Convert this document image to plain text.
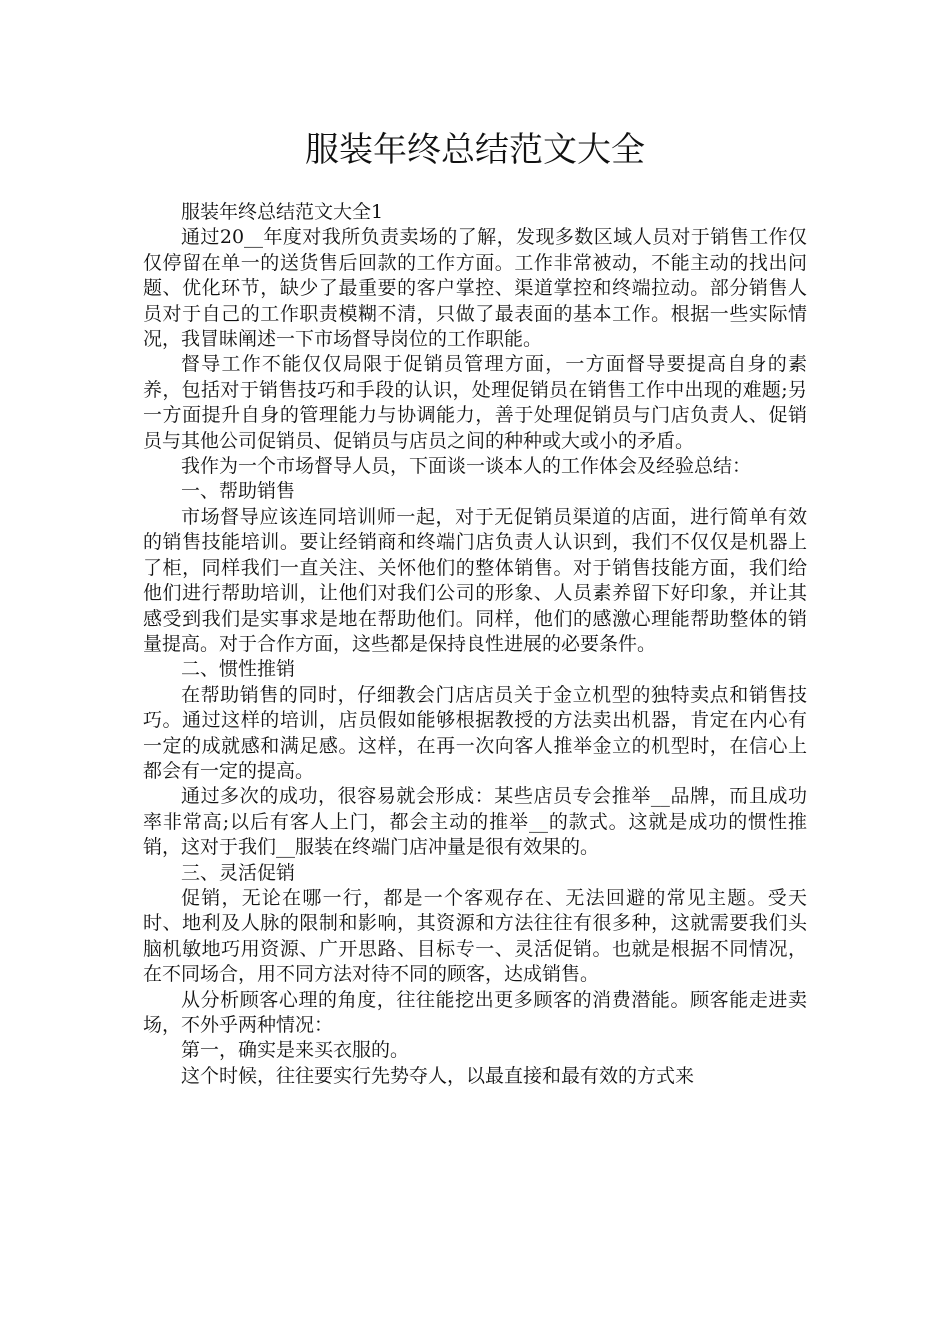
服装年终总结范文大全

服装年终总结范文大全1

通过20__年度对我所负责卖场的了解，发现多数区域人员对于销售工作仅仅停留在单一的送货售后回款的工作方面。工作非常被动，不能主动的找出问题、优化环节，缺少了最重要的客户掌控、渠道掌控和终端拉动。部分销售人员对于自己的工作职责模糊不清，只做了最表面的基本工作。根据一些实际情况，我冒昧阐述一下市场督导岗位的工作职能。

督导工作不能仅仅局限于促销员管理方面，一方面督导要提高自身的素养，包括对于销售技巧和手段的认识，处理促销员在销售工作中出现的难题;另一方面提升自身的管理能力与协调能力，善于处理促销员与门店负责人、促销员与其他公司促销员、促销员与店员之间的种种或大或小的矛盾。

我作为一个市场督导人员，下面谈一谈本人的工作体会及经验总结：

一、帮助销售

市场督导应该连同培训师一起，对于无促销员渠道的店面，进行简单有效的销售技能培训。要让经销商和终端门店负责人认识到，我们不仅仅是机器上了柜，同样我们一直关注、关怀他们的整体销售。对于销售技能方面，我们给他们进行帮助培训，让他们对我们公司的形象、人员素养留下好印象，并让其感受到我们是实事求是地在帮助他们。同样，他们的感激心理能帮助整体的销量提高。对于合作方面，这些都是保持良性进展的必要条件。

二、惯性推销

在帮助销售的同时，仔细教会门店店员关于金立机型的独特卖点和销售技巧。通过这样的培训，店员假如能够根据教授的方法卖出机器，肯定在内心有一定的成就感和满足感。这样，在再一次向客人推举金立的机型时，在信心上都会有一定的提高。

通过多次的成功，很容易就会形成：某些店员专会推举__品牌，而且成功率非常高;以后有客人上门，都会主动的推举__的款式。这就是成功的惯性推销，这对于我们__服装在终端门店冲量是很有效果的。

三、灵活促销

促销，无论在哪一行，都是一个客观存在、无法回避的常见主题。受天时、地利及人脉的限制和影响，其资源和方法往往有很多种，这就需要我们头脑机敏地巧用资源、广开思路、目标专一、灵活促销。也就是根据不同情况，在不同场合，用不同方法对待不同的顾客，达成销售。

从分析顾客心理的角度，往往能挖出更多顾客的消费潜能。顾客能走进卖场，不外乎两种情况：

第一，确实是来买衣服的。

这个时候，往往要实行先势夺人，以最直接和最有效的方式来
